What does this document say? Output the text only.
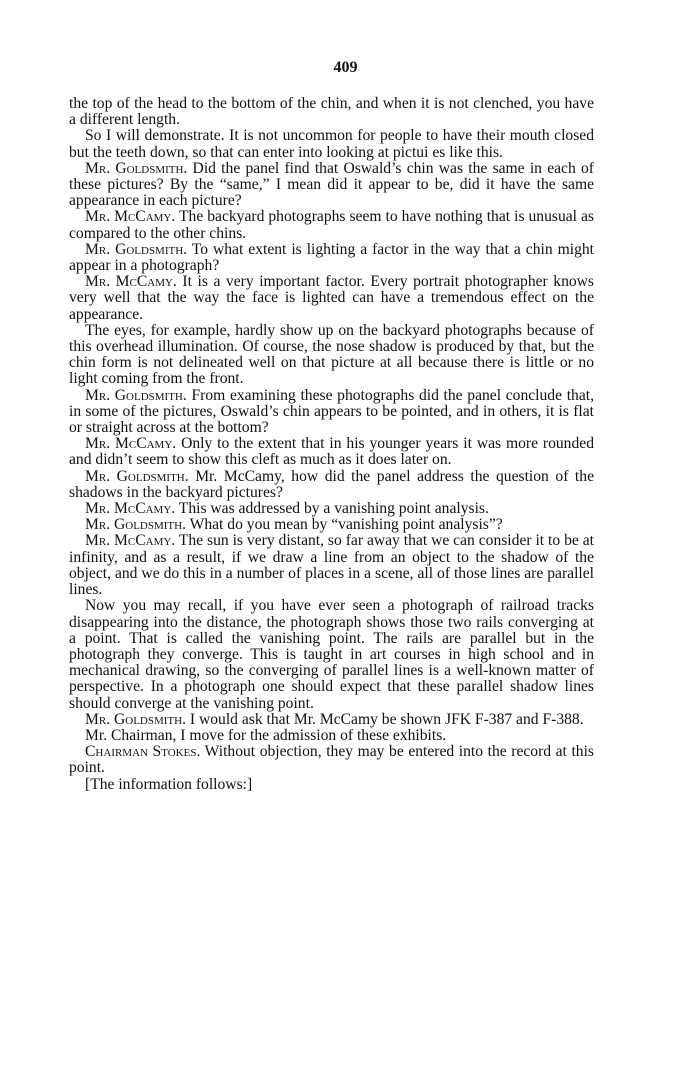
409

the top of the head to the bottom of the chin, and when it is not clenched, you have a different length.

So I will demonstrate. It is not uncommon for people to have their mouth closed but the teeth down, so that can enter into looking at pictui es like this.

Mr. Goldsmith. Did the panel find that Oswald’s chin was the same in each of these pictures? By the “same,” I mean did it appear to be, did it have the same appearance in each picture?

Mr. McCamy. The backyard photographs seem to have nothing that is unusual as compared to the other chins.

Mr. Goldsmith. To what extent is lighting a factor in the way that a chin might appear in a photograph?

Mr. McCamy. It is a very important factor. Every portrait photographer knows very well that the way the face is lighted can have a tremendous effect on the appearance.

The eyes, for example, hardly show up on the backyard photographs because of this overhead illumination. Of course, the nose shadow is produced by that, but the chin form is not delineated well on that picture at all because there is little or no light coming from the front.

Mr. Goldsmith. From examining these photographs did the panel conclude that, in some of the pictures, Oswald’s chin appears to be pointed, and in others, it is flat or straight across at the bottom?

Mr. McCamy. Only to the extent that in his younger years it was more rounded and didn’t seem to show this cleft as much as it does later on.

Mr. Goldsmith. Mr. McCamy, how did the panel address the question of the shadows in the backyard pictures?

Mr. McCamy. This was addressed by a vanishing point analysis.

Mr. Goldsmith. What do you mean by “vanishing point analysis”?

Mr. McCamy. The sun is very distant, so far away that we can consider it to be at infinity, and as a result, if we draw a line from an object to the shadow of the object, and we do this in a number of places in a scene, all of those lines are parallel lines.

Now you may recall, if you have ever seen a photograph of railroad tracks disappearing into the distance, the photograph shows those two rails converging at a point. That is called the vanishing point. The rails are parallel but in the photograph they converge. This is taught in art courses in high school and in mechanical drawing, so the converging of parallel lines is a well-known matter of perspective. In a photograph one should expect that these parallel shadow lines should converge at the vanishing point.

Mr. Goldsmith. I would ask that Mr. McCamy be shown JFK F-387 and F-388.

Mr. Chairman, I move for the admission of these exhibits.

Chairman Stokes. Without objection, they may be entered into the record at this point.

[The information follows:]
